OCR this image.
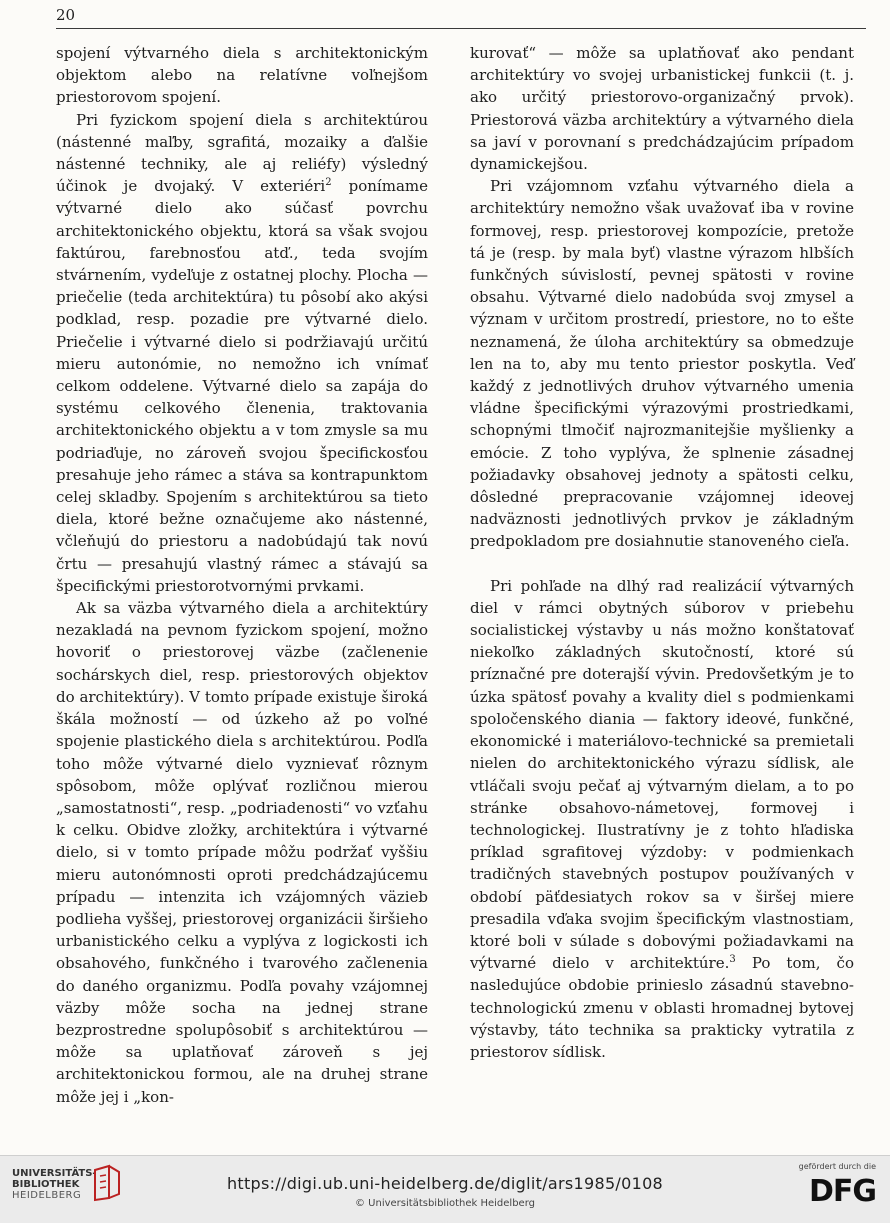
20

spojení výtvarného diela s architektonickým objektom alebo na relatívne voľnejšom priestorovom spojení.

Pri fyzickom spojení diela s architektúrou (nástenné maľby, sgrafitá, mozaiky a ďalšie nástenné techniky, ale aj reliéfy) výsledný účinok je dvojaký. V exteriéri$^2$ ponímame výtvarné dielo ako súčasť povrchu architektonického objektu, ktorá sa však svojou faktúrou, farebnosťou atď., teda svojím stvárnením, vydeľuje z ostatnej plochy. Plocha — priečelie (teda architektúra) tu pôsobí ako akýsi podklad, resp. pozadie pre výtvarné dielo. Priečelie i výtvarné dielo si podržiavajú určitú mieru autonómie, no nemožno ich vnímať celkom oddelene. Výtvarné dielo sa zapája do systému celkového členenia, traktovania architektonického objektu a v tom zmysle sa mu podriaďuje, no zároveň svojou špecifickosťou presahuje jeho rámec a stáva sa kontrapunktom celej skladby. Spojením s architektúrou sa tieto diela, ktoré bežne označujeme ako nástenné, včleňujú do priestoru a nadobúdajú tak novú črtu — presahujú vlastný rámec a stávajú sa špecifickými priestorotvornými prvkami.

Ak sa väzba výtvarného diela a architektúry nezakladá na pevnom fyzickom spojení, možno hovoriť o priestorovej väzbe (začlenenie sochárskych diel, resp. priestorových objektov do architektúry). V tomto prípade existuje široká škála možností — od úzkeho až po voľné spojenie plastického diela s architektúrou. Podľa toho môže výtvarné dielo vyznievať rôznym spôsobom, môže oplývať rozličnou mierou „samostatnosti“, resp. „podriadenosti“ vo vzťahu k celku. Obidve zložky, architektúra i výtvarné dielo, si v tomto prípade môžu podržať vyššiu mieru autonómnosti oproti predchádzajúcemu prípadu — intenzita ich vzájomných väzieb podlieha vyššej, priestorovej organizácii širšieho urbanistického celku a vyplýva z logickosti ich obsahového, funkčného i tvarového začlenenia do daného organizmu. Podľa povahy vzájomnej väzby môže socha na jednej strane bezprostredne spolupôsobiť s architektúrou — môže sa uplatňovať zároveň s jej architektonickou formou, ale na druhej strane môže jej i „kon-

kurovať“ — môže sa uplatňovať ako pendant architektúry vo svojej urbanistickej funkcii (t. j. ako určitý priestorovo-organizačný prvok). Priestorová väzba architektúry a výtvarného diela sa javí v porovnaní s predchádzajúcim prípadom dynamickejšou.

Pri vzájomnom vzťahu výtvarného diela a architektúry nemožno však uvažovať iba v rovine formovej, resp. priestorovej kompozície, pretože tá je (resp. by mala byť) vlastne výrazom hlbších funkčných súvislostí, pevnej spätosti v rovine obsahu. Výtvarné dielo nadobúda svoj zmysel a význam v určitom prostredí, priestore, no to ešte neznamená, že úloha architektúry sa obmedzuje len na to, aby mu tento priestor poskytla. Veď každý z jednotlivých druhov výtvarného umenia vládne špecifickými výrazovými prostriedkami, schopnými tlmočiť najrozmanitejšie myšlienky a emócie. Z toho vyplýva, že splnenie zásadnej požiadavky obsahovej jednoty a spätosti celku, dôsledné prepracovanie vzájomnej ideovej nadväznosti jednotlivých prvkov je základným predpokladom pre dosiahnutie stanoveného cieľa.

Pri pohľade na dlhý rad realizácií výtvarných diel v rámci obytných súborov v priebehu socialistickej výstavby u nás možno konštatovať niekoľko základných skutočností, ktoré sú príznačné pre doterajší vývin. Predovšetkým je to úzka spätosť povahy a kvality diel s podmienkami spoločenského diania — faktory ideové, funkčné, ekonomické i materiálovo-technické sa premietali nielen do architektonického výrazu sídlisk, ale vtláčali svoju pečať aj výtvarným dielam, a to po stránke obsahovo-námetovej, formovej i technologickej. Ilustratívny je z tohto hľadiska príklad sgrafitovej výzdoby: v podmienkach tradičných stavebných postupov používaných v období päťdesiatych rokov sa v širšej miere presadila vďaka svojim špecifickým vlastnostiam, ktoré boli v súlade s dobovými požiadavkami na výtvarné dielo v architektúre.$^3$ Po tom, čo nasledujúce obdobie prinieslo zásadnú stavebno-technologickú zmenu v oblasti hromadnej bytovej výstavby, táto technika sa prakticky vytratila z priestorov sídlisk.

UNIVERSITÄTS-
BIBLIOTHEK
HEIDELBERG
https://digi.ub.uni-heidelberg.de/diglit/ars1985/0108
© Universitätsbibliothek Heidelberg
gefördert durch die
DFG
